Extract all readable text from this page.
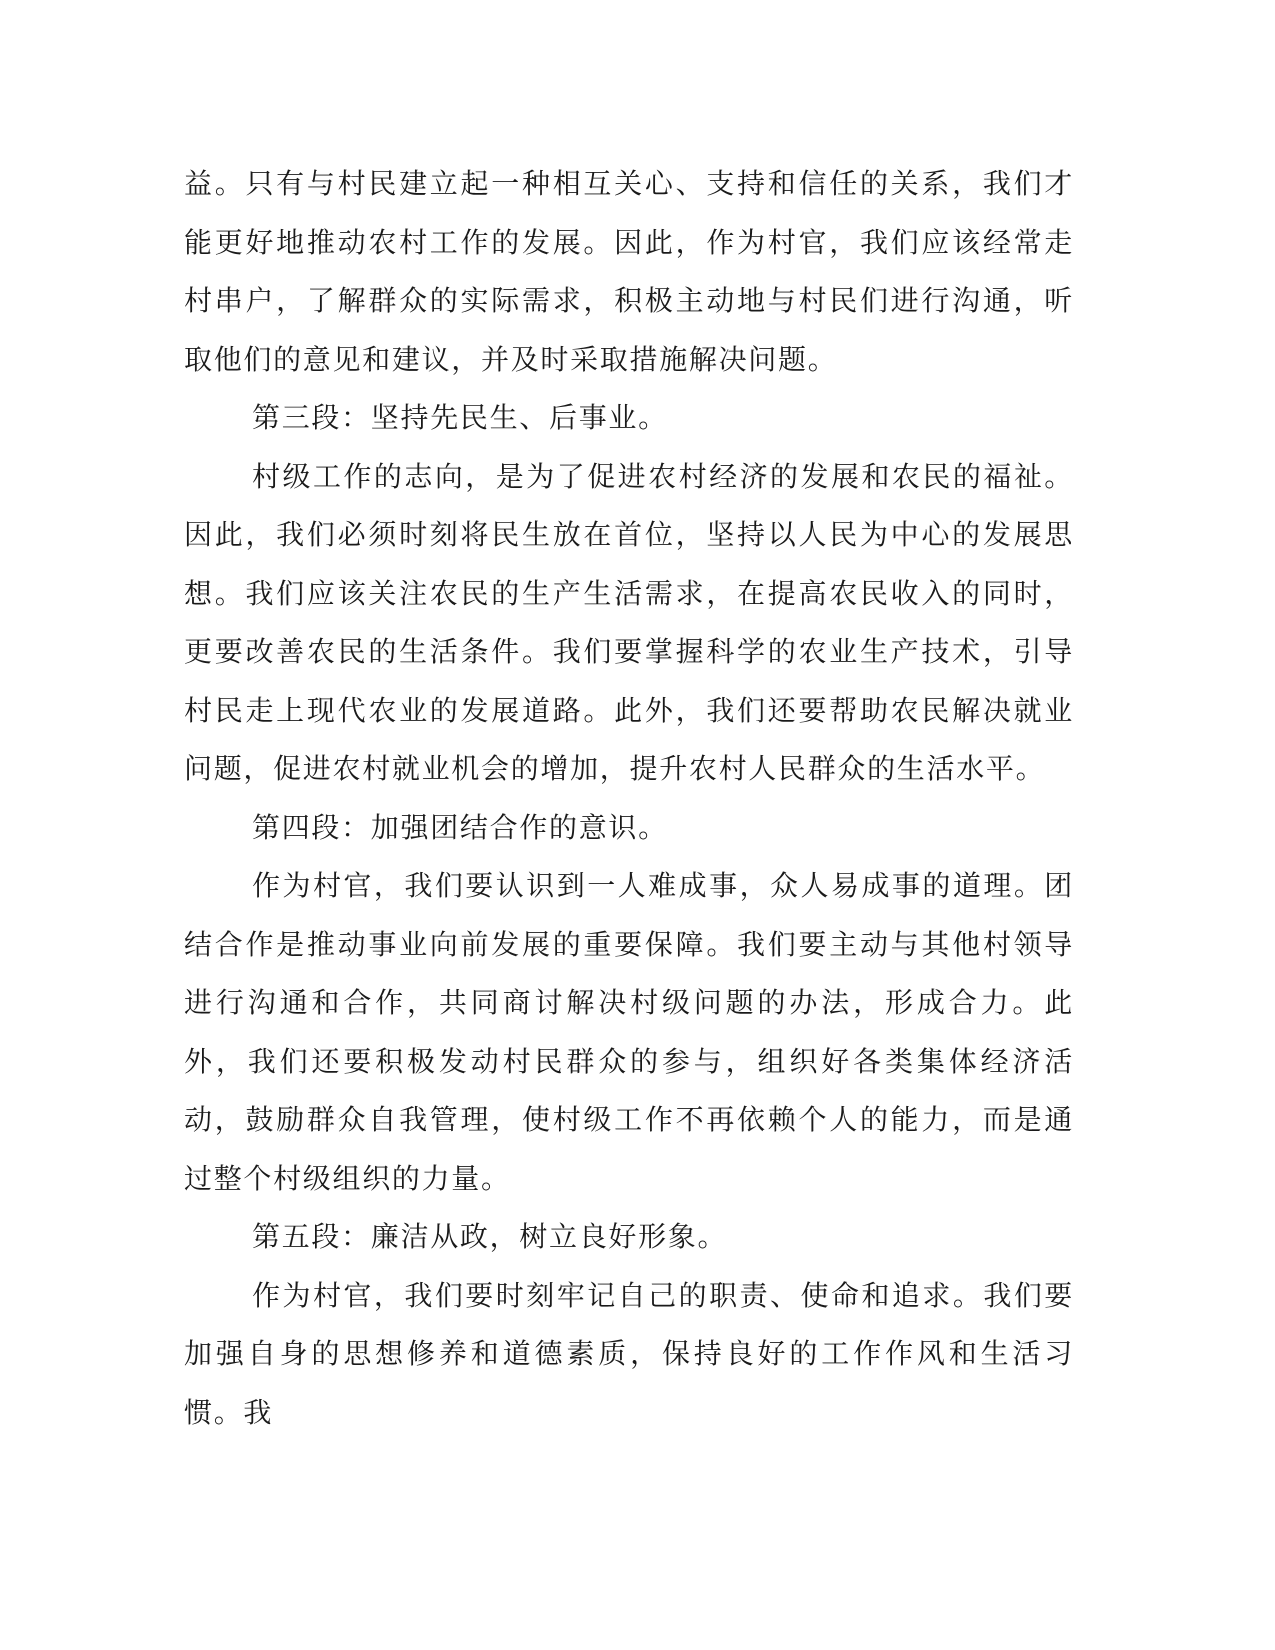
益。只有与村民建立起一种相互关心、支持和信任的关系，我们才能更好地推动农村工作的发展。因此，作为村官，我们应该经常走村串户，了解群众的实际需求，积极主动地与村民们进行沟通，听取他们的意见和建议，并及时采取措施解决问题。

第三段：坚持先民生、后事业。

村级工作的志向，是为了促进农村经济的发展和农民的福祉。因此，我们必须时刻将民生放在首位，坚持以人民为中心的发展思想。我们应该关注农民的生产生活需求，在提高农民收入的同时，更要改善农民的生活条件。我们要掌握科学的农业生产技术，引导村民走上现代农业的发展道路。此外，我们还要帮助农民解决就业问题，促进农村就业机会的增加，提升农村人民群众的生活水平。

第四段：加强团结合作的意识。

作为村官，我们要认识到一人难成事，众人易成事的道理。团结合作是推动事业向前发展的重要保障。我们要主动与其他村领导进行沟通和合作，共同商讨解决村级问题的办法，形成合力。此外，我们还要积极发动村民群众的参与，组织好各类集体经济活动，鼓励群众自我管理，使村级工作不再依赖个人的能力，而是通过整个村级组织的力量。

第五段：廉洁从政，树立良好形象。

作为村官，我们要时刻牢记自己的职责、使命和追求。我们要加强自身的思想修养和道德素质，保持良好的工作作风和生活习惯。我
